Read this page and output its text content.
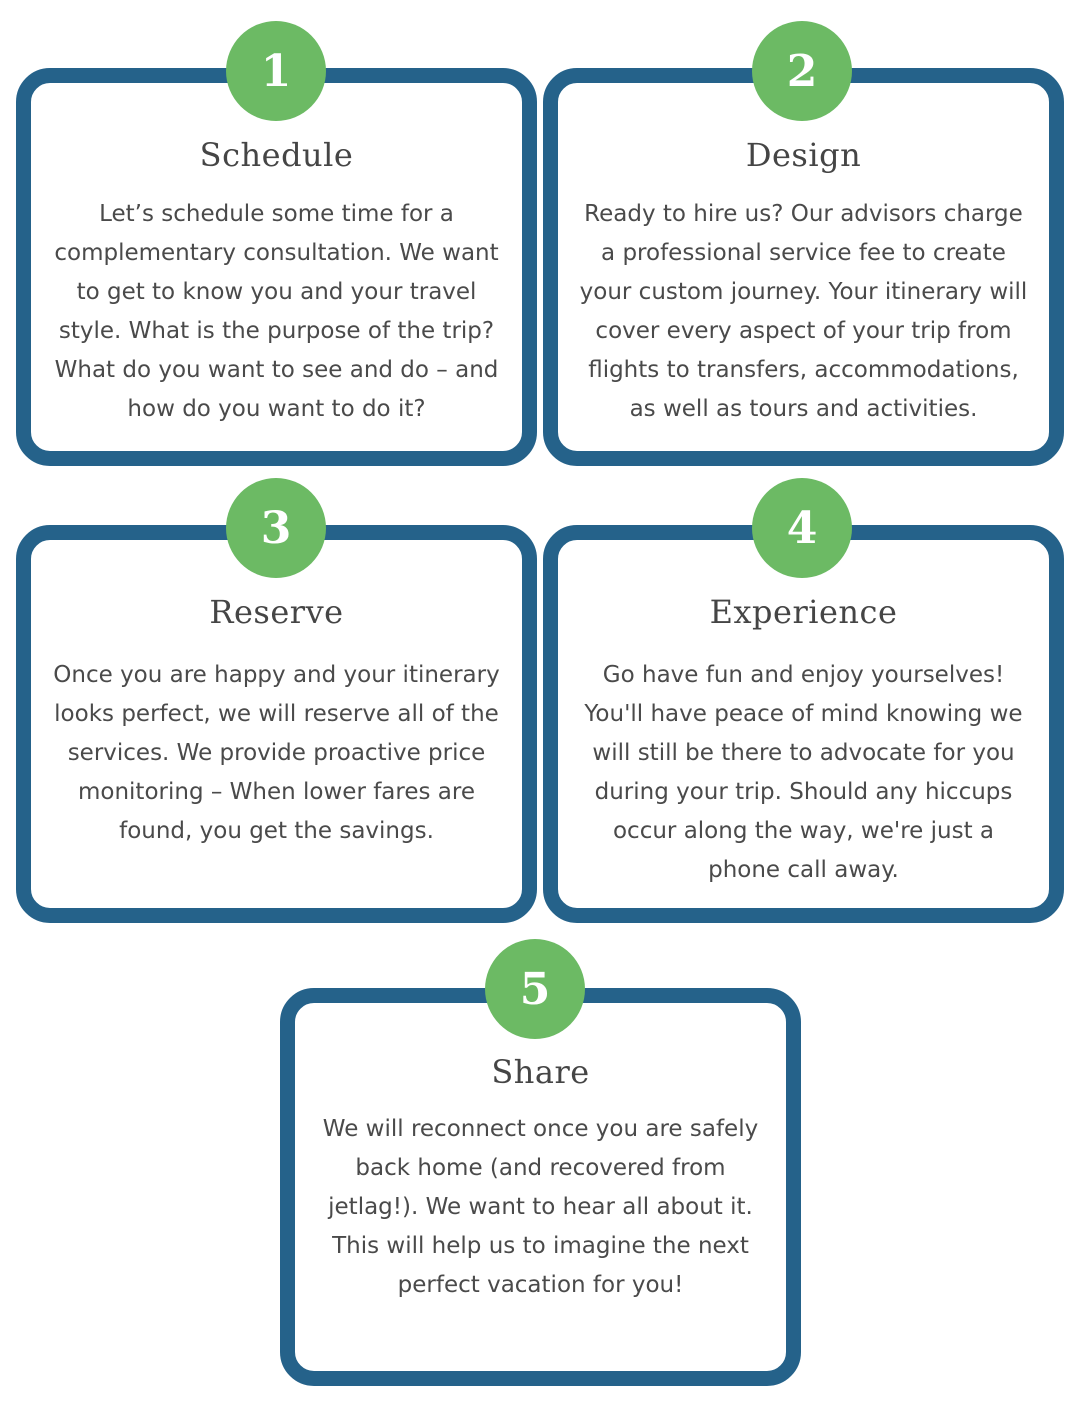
1
Schedule
Let’s schedule some time for a
complementary consultation. We want
to get to know you and your travel
style. What is the purpose of the trip?
What do you want to see and do – and
how do you want to do it?
2
Design
Ready to hire us? Our advisors charge
a professional service fee to create
your custom journey. Your itinerary will
cover every aspect of your trip from
flights to transfers, accommodations,
as well as tours and activities.
3
Reserve
Once you are happy and your itinerary
looks perfect, we will reserve all of the
services. We provide proactive price
monitoring – When lower fares are
found, you get the savings.
4
Experience
Go have fun and enjoy yourselves!
You'll have peace of mind knowing we
will still be there to advocate for you
during your trip. Should any hiccups
occur along the way, we're just a
phone call away.
5
Share
We will reconnect once you are safely
back home (and recovered from
jetlag!). We want to hear all about it.
This will help us to imagine the next
perfect vacation for you!
